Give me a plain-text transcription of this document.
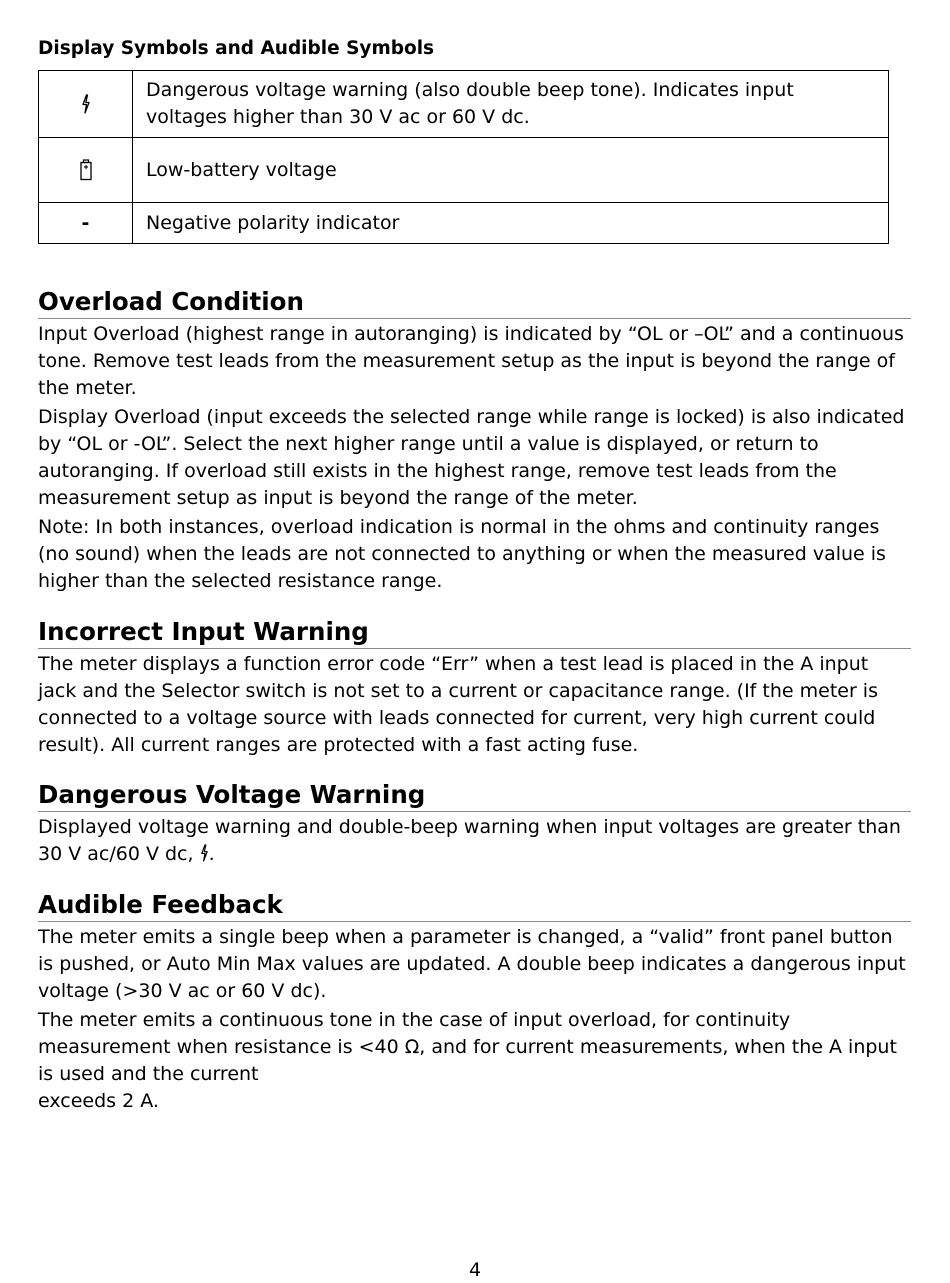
Display Symbols and Audible Symbols
	Dangerous voltage warning (also double beep tone). Indicates input voltages higher than 30 V ac or 60 V dc.
	Low-battery voltage
-	Negative polarity indicator
Overload Condition

Input Overload (highest range in autoranging) is indicated by “OL or –OL” and a continuous tone. Remove test leads from the measurement setup as the input is beyond the range of the meter.

Display Overload (input exceeds the selected range while range is locked) is also indicated by “OL or -OL”. Select the next higher range until a value is displayed, or return to autoranging. If overload still exists in the highest range, remove test leads from the measurement setup as input is beyond the range of the meter.

Note: In both instances, overload indication is normal in the ohms and continuity ranges (no sound) when the leads are not connected to anything or when the measured value is higher than the selected resistance range.

Incorrect Input Warning

The meter displays a function error code “Err” when a test lead is placed in the A input jack and the Selector switch is not set to a current or capacitance range. (If the meter is connected to a voltage source with leads connected for current, very high current could result). All current ranges are protected with a fast acting fuse.

Dangerous Voltage Warning

Displayed voltage warning and double-beep warning when input voltages are greater than 30 V ac/60 V dc, .

Audible Feedback

The meter emits a single beep when a parameter is changed, a “valid” front panel button is pushed, or Auto Min Max values are updated. A double beep indicates a dangerous input voltage (>30 V ac or 60 V dc).

The meter emits a continuous tone in the case of input overload, for continuity measurement when resistance is <40 Ω, and for current measurements, when the A input is used and the current
exceeds 2 A.

4
